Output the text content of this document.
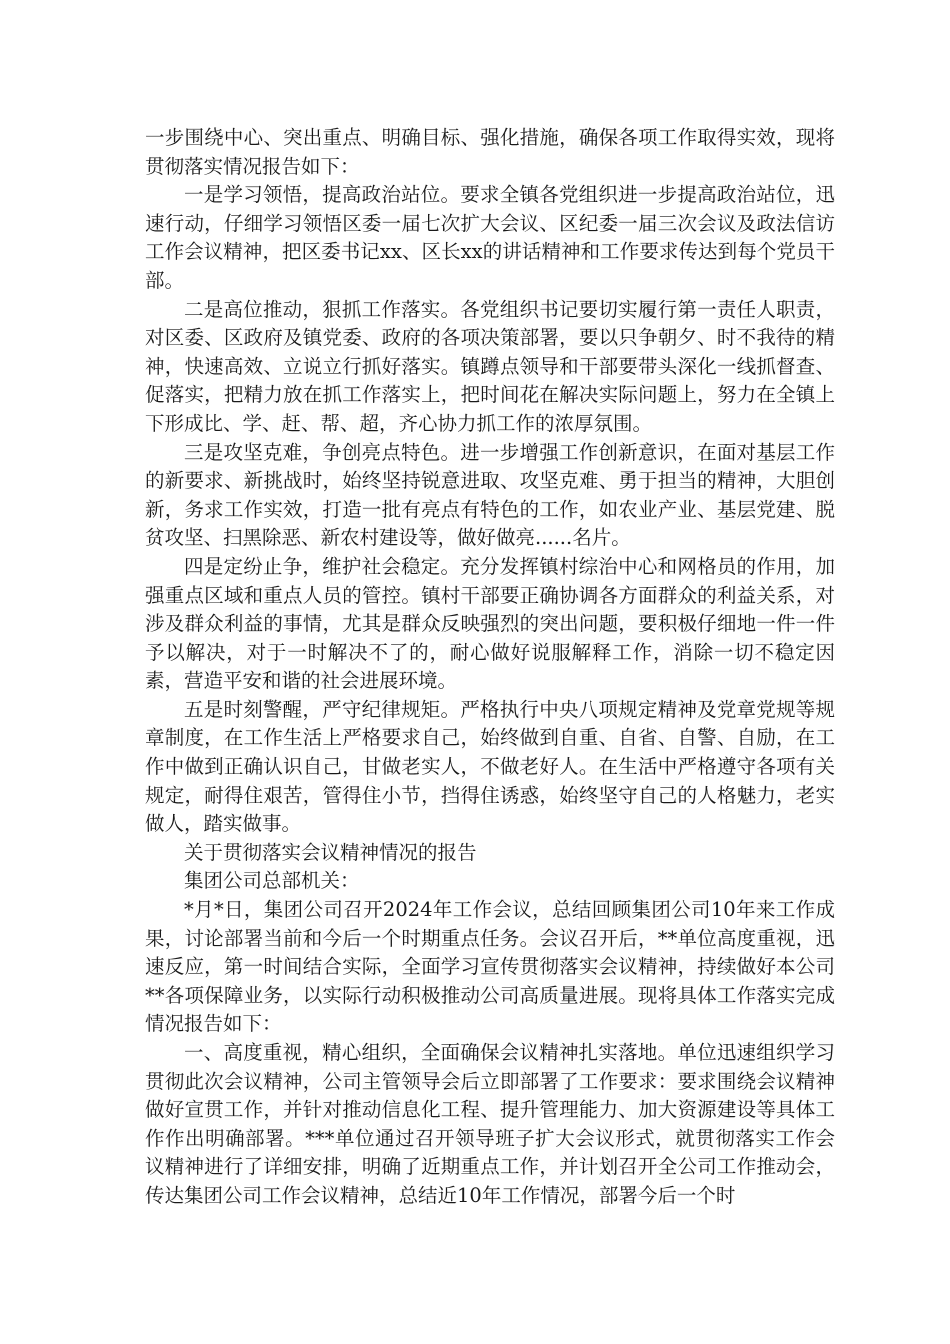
一步围绕中心、突出重点、明确目标、强化措施，确保各项工作取得实效，现将贯彻落实情况报告如下：

一是学习领悟，提高政治站位。要求全镇各党组织进一步提高政治站位，迅速行动，仔细学习领悟区委一届七次扩大会议、区纪委一届三次会议及政法信访工作会议精神，把区委书记xx、区长xx的讲话精神和工作要求传达到每个党员干部。

二是高位推动，狠抓工作落实。各党组织书记要切实履行第一责任人职责，对区委、区政府及镇党委、政府的各项决策部署，要以只争朝夕、时不我待的精神，快速高效、立说立行抓好落实。镇蹲点领导和干部要带头深化一线抓督查、促落实，把精力放在抓工作落实上，把时间花在解决实际问题上，努力在全镇上下形成比、学、赶、帮、超，齐心协力抓工作的浓厚氛围。

三是攻坚克难，争创亮点特色。进一步增强工作创新意识，在面对基层工作的新要求、新挑战时，始终坚持锐意进取、攻坚克难、勇于担当的精神，大胆创新，务求工作实效，打造一批有亮点有特色的工作，如农业产业、基层党建、脱贫攻坚、扫黑除恶、新农村建设等，做好做亮......名片。

四是定纷止争，维护社会稳定。充分发挥镇村综治中心和网格员的作用，加强重点区域和重点人员的管控。镇村干部要正确协调各方面群众的利益关系，对涉及群众利益的事情，尤其是群众反映强烈的突出问题，要积极仔细地一件一件予以解决，对于一时解决不了的，耐心做好说服解释工作，消除一切不稳定因素，营造平安和谐的社会进展环境。

五是时刻警醒，严守纪律规矩。严格执行中央八项规定精神及党章党规等规章制度，在工作生活上严格要求自己，始终做到自重、自省、自警、自励，在工作中做到正确认识自己，甘做老实人，不做老好人。在生活中严格遵守各项有关规定，耐得住艰苦，管得住小节，挡得住诱惑，始终坚守自己的人格魅力，老实做人，踏实做事。

关于贯彻落实会议精神情况的报告

集团公司总部机关：

*月*日，集团公司召开2024年工作会议，总结回顾集团公司10年来工作成果，讨论部署当前和今后一个时期重点任务。会议召开后，**单位高度重视，迅速反应，第一时间结合实际，全面学习宣传贯彻落实会议精神，持续做好本公司**各项保障业务，以实际行动积极推动公司高质量进展。现将具体工作落实完成情况报告如下：

一、高度重视，精心组织，全面确保会议精神扎实落地。单位迅速组织学习贯彻此次会议精神，公司主管领导会后立即部署了工作要求：要求围绕会议精神做好宣贯工作，并针对推动信息化工程、提升管理能力、加大资源建设等具体工作作出明确部署。***单位通过召开领导班子扩大会议形式，就贯彻落实工作会议精神进行了详细安排，明确了近期重点工作，并计划召开全公司工作推动会，传达集团公司工作会议精神，总结近10年工作情况，部署今后一个时
